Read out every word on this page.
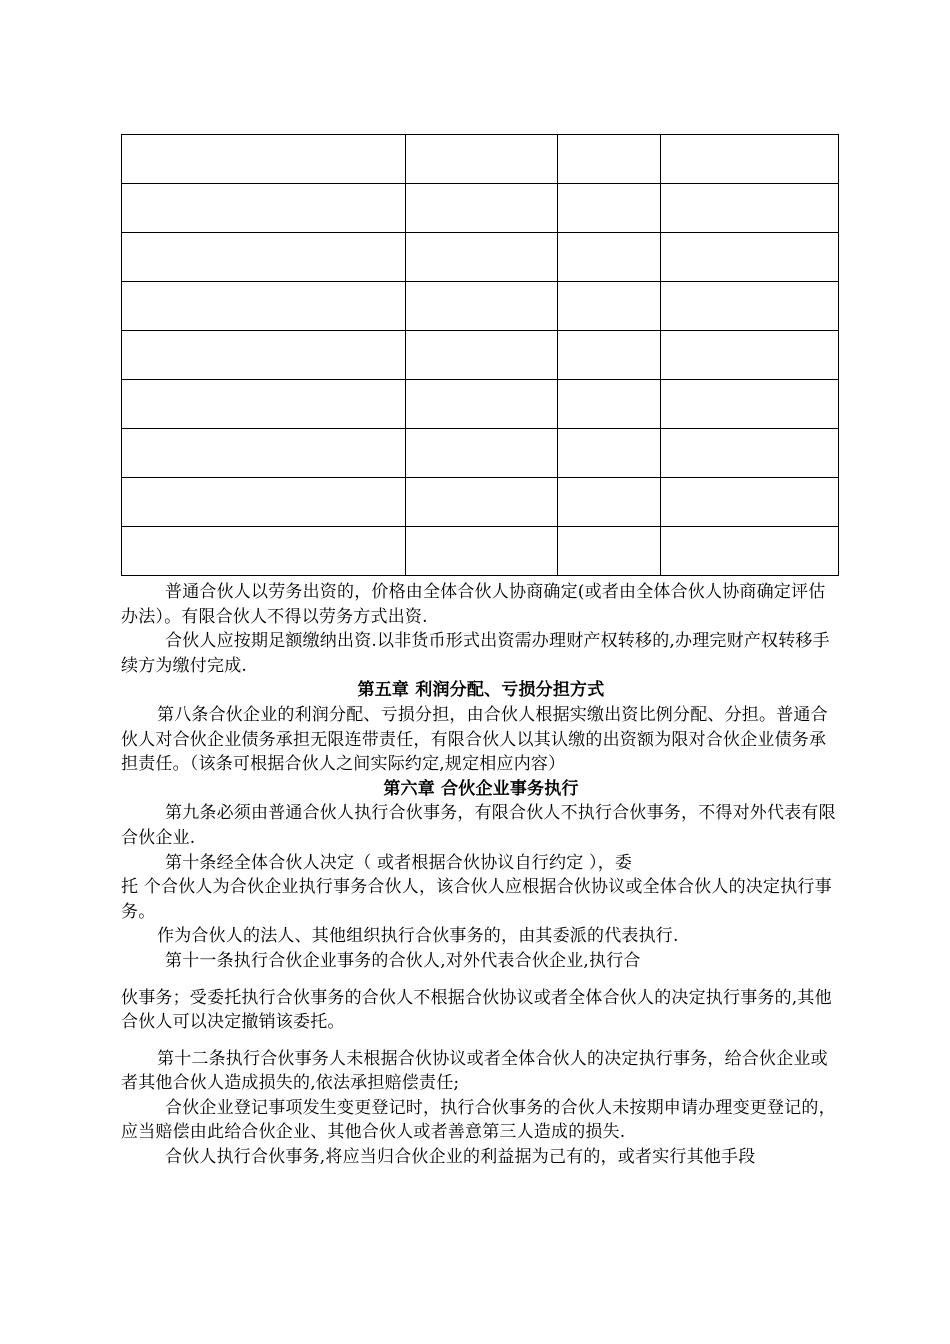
普通合伙人以劳务出资的，价格由全体合伙人协商确定(或者由全体合伙人协商确定评估办法）。有限合伙人不得以劳务方式出资.

合伙人应按期足额缴纳出资.以非货币形式出资需办理财产权转移的,办理完财产权转移手续方为缴付完成.

第五章 利润分配、亏损分担方式

第八条合伙企业的利润分配、亏损分担，由合伙人根据实缴出资比例分配、分担。普通合伙人对合伙企业债务承担无限连带责任，有限合伙人以其认缴的出资额为限对合伙企业债务承担责任。（该条可根据合伙人之间实际约定,规定相应内容）

第六章 合伙企业事务执行

第九条必须由普通合伙人执行合伙事务，有限合伙人不执行合伙事务，不得对外代表有限合伙企业.

第十条经全体合伙人决定（ 或者根据合伙协议自行约定 ），委

托 个合伙人为合伙企业执行事务合伙人，该合伙人应根据合伙协议或全体合伙人的决定执行事务。

作为合伙人的法人、其他组织执行合伙事务的，由其委派的代表执行.

第十一条执行合伙企业事务的合伙人,对外代表合伙企业,执行合

伙事务；受委托执行合伙事务的合伙人不根据合伙协议或者全体合伙人的决定执行事务的,其他合伙人可以决定撤销该委托。

第十二条执行合伙事务人未根据合伙协议或者全体合伙人的决定执行事务，给合伙企业或者其他合伙人造成损失的,依法承担赔偿责任;

合伙企业登记事项发生变更登记时，执行合伙事务的合伙人未按期申请办理变更登记的，应当赔偿由此给合伙企业、其他合伙人或者善意第三人造成的损失.

合伙人执行合伙事务,将应当归合伙企业的利益据为己有的，或者实行其他手段
